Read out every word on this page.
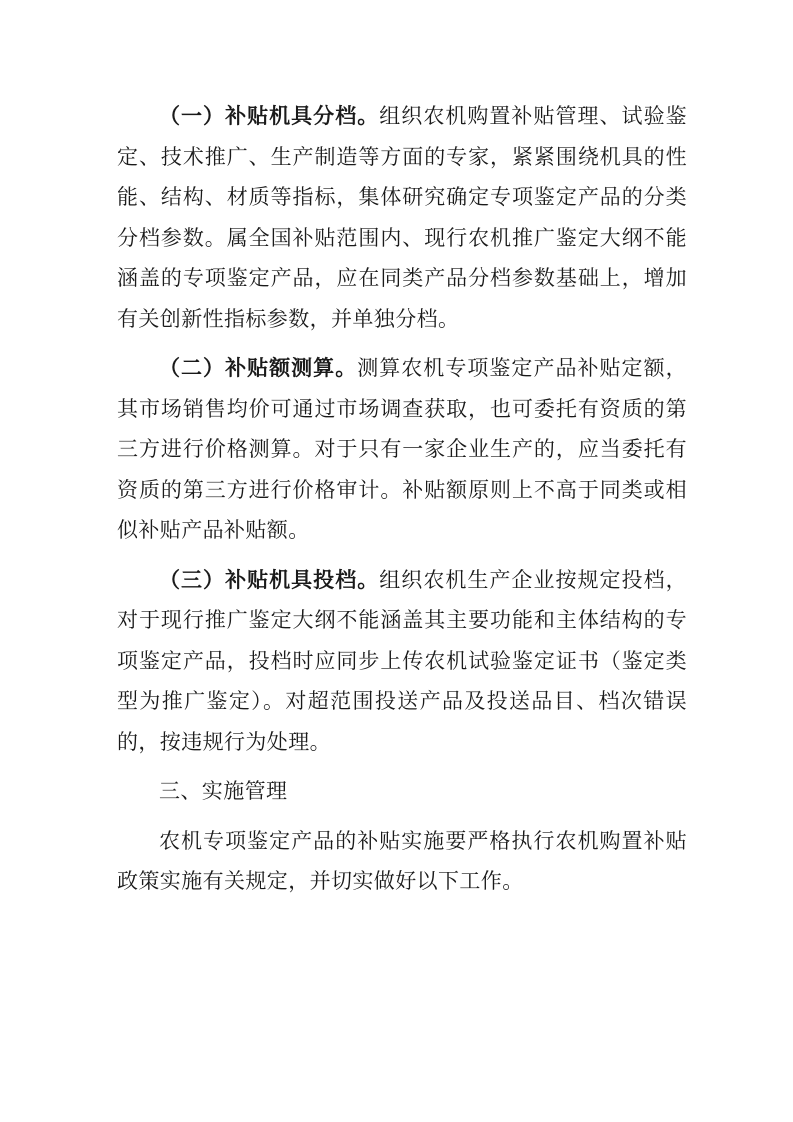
（一）补贴机具分档。组织农机购置补贴管理、试验鉴定、技术推广、生产制造等方面的专家，紧紧围绕机具的性能、结构、材质等指标，集体研究确定专项鉴定产品的分类分档参数。属全国补贴范围内、现行农机推广鉴定大纲不能涵盖的专项鉴定产品，应在同类产品分档参数基础上，增加有关创新性指标参数，并单独分档。

（二）补贴额测算。测算农机专项鉴定产品补贴定额，其市场销售均价可通过市场调查获取，也可委托有资质的第三方进行价格测算。对于只有一家企业生产的，应当委托有资质的第三方进行价格审计。补贴额原则上不高于同类或相似补贴产品补贴额。

（三）补贴机具投档。组织农机生产企业按规定投档，对于现行推广鉴定大纲不能涵盖其主要功能和主体结构的专项鉴定产品，投档时应同步上传农机试验鉴定证书（鉴定类型为推广鉴定）。对超范围投送产品及投送品目、档次错误的，按违规行为处理。

三、实施管理

农机专项鉴定产品的补贴实施要严格执行农机购置补贴政策实施有关规定，并切实做好以下工作。
